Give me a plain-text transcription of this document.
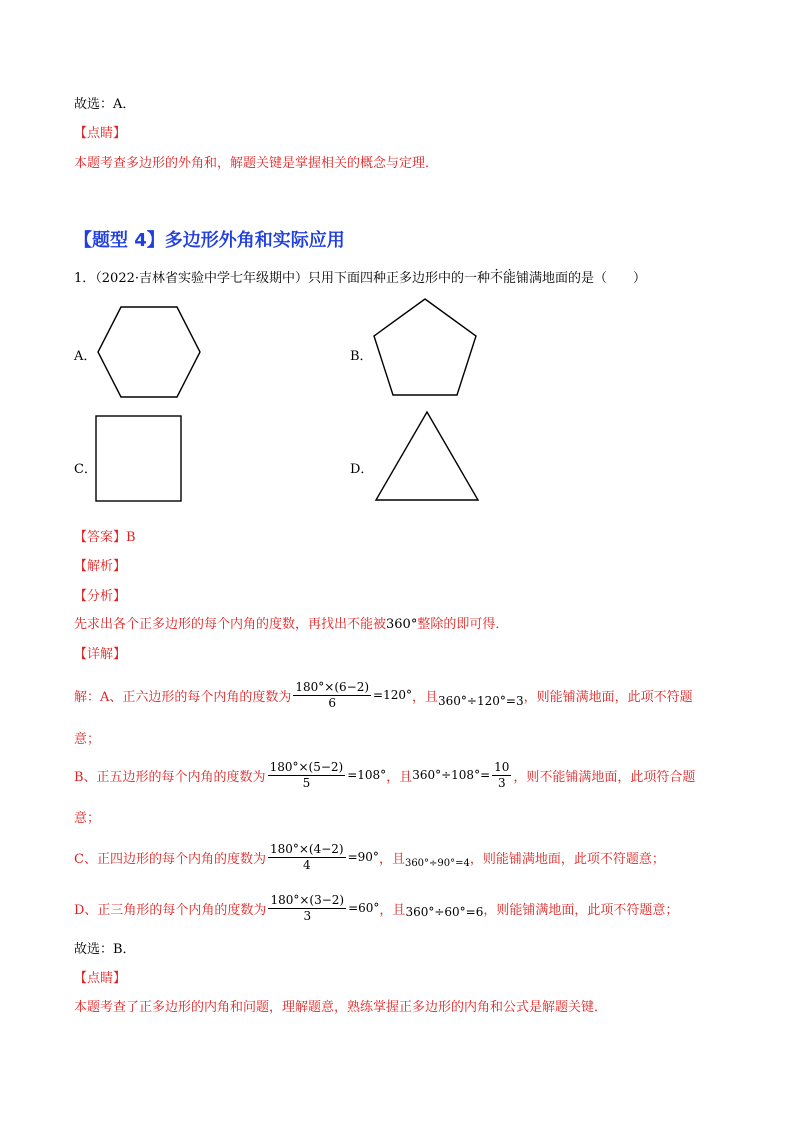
故选：A．
【点睛】
本题考查多边形的外角和，解题关键是掌握相关的概念与定理．
【题型 4】多边形外角和实际应用
1．（2022·吉林省实验中学七年级期中）只用下面四种正多边形中的一种不能铺满地面的是（　　）
A．	B．
C．	D．
【答案】B
【解析】
【分析】
先求出各个正多边形的每个内角的度数，再找出不能被360°整除的即可得．
【详解】
解：A、正六边形的每个内角的度数为 $\frac{180^\circ\times(6-2)}{6} =120^\circ$ ，且 360°÷120°=3 ，则能铺满地面，此项不符题
意；
B、正五边形的每个内角的度数为 $\frac{180^\circ\times(5-2)}{5} =108^\circ$ ，且 $360^\circ\div 108^\circ= \frac{10}{3}$ ，则不能铺满地面，此项符合题
意；
C、正四边形的每个内角的度数为 $\frac{180^\circ\times(4-2)}{4} =90^\circ$ ，且 360°÷90°=4 ，则能铺满地面，此项不符题意；
D、正三角形的每个内角的度数为 $\frac{180^\circ\times(3-2)}{3} =60^\circ$ ，且 360°÷60°=6 ，则能铺满地面，此项不符题意；
故选：B．
【点睛】
本题考查了正多边形的内角和问题，理解题意，熟练掌握正多边形的内角和公式是解题关键．
